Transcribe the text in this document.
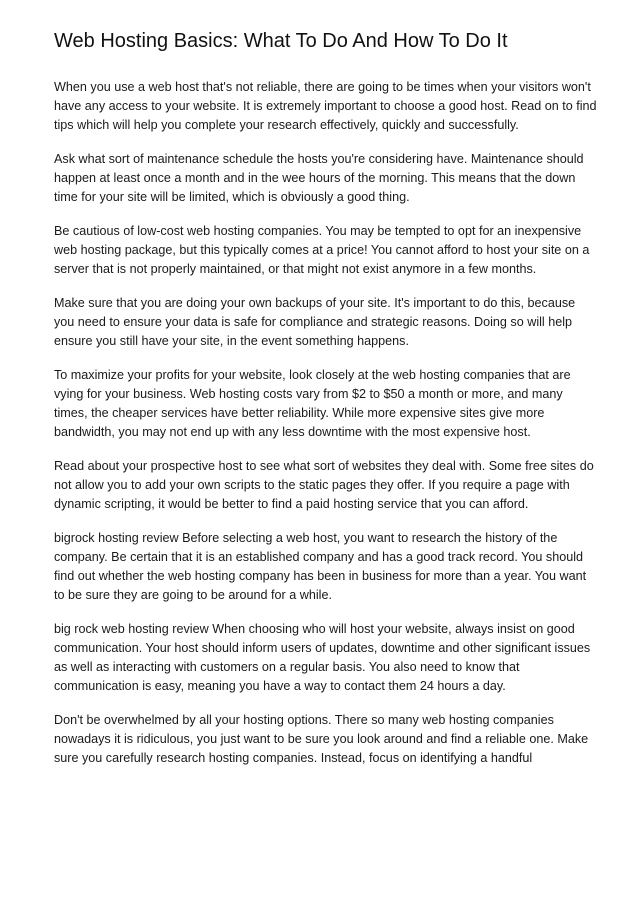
Web Hosting Basics: What To Do And How To Do It

When you use a web host that's not reliable, there are going to be times when your visitors won't have any access to your website. It is extremely important to choose a good host. Read on to find tips which will help you complete your research effectively, quickly and successfully.

Ask what sort of maintenance schedule the hosts you're considering have. Maintenance should happen at least once a month and in the wee hours of the morning. This means that the down time for your site will be limited, which is obviously a good thing.

Be cautious of low-cost web hosting companies. You may be tempted to opt for an inexpensive web hosting package, but this typically comes at a price! You cannot afford to host your site on a server that is not properly maintained, or that might not exist anymore in a few months.

Make sure that you are doing your own backups of your site. It's important to do this, because you need to ensure your data is safe for compliance and strategic reasons. Doing so will help ensure you still have your site, in the event something happens.

To maximize your profits for your website, look closely at the web hosting companies that are vying for your business. Web hosting costs vary from $2 to $50 a month or more, and many times, the cheaper services have better reliability. While more expensive sites give more bandwidth, you may not end up with any less downtime with the most expensive host.

Read about your prospective host to see what sort of websites they deal with. Some free sites do not allow you to add your own scripts to the static pages they offer. If you require a page with dynamic scripting, it would be better to find a paid hosting service that you can afford.

bigrock hosting review Before selecting a web host, you want to research the history of the company. Be certain that it is an established company and has a good track record. You should find out whether the web hosting company has been in business for more than a year. You want to be sure they are going to be around for a while.

big rock web hosting review When choosing who will host your website, always insist on good communication. Your host should inform users of updates, downtime and other significant issues as well as interacting with customers on a regular basis. You also need to know that communication is easy, meaning you have a way to contact them 24 hours a day.

Don't be overwhelmed by all your hosting options. There so many web hosting companies nowadays it is ridiculous, you just want to be sure you look around and find a reliable one. Make sure you carefully research hosting companies. Instead, focus on identifying a handful
